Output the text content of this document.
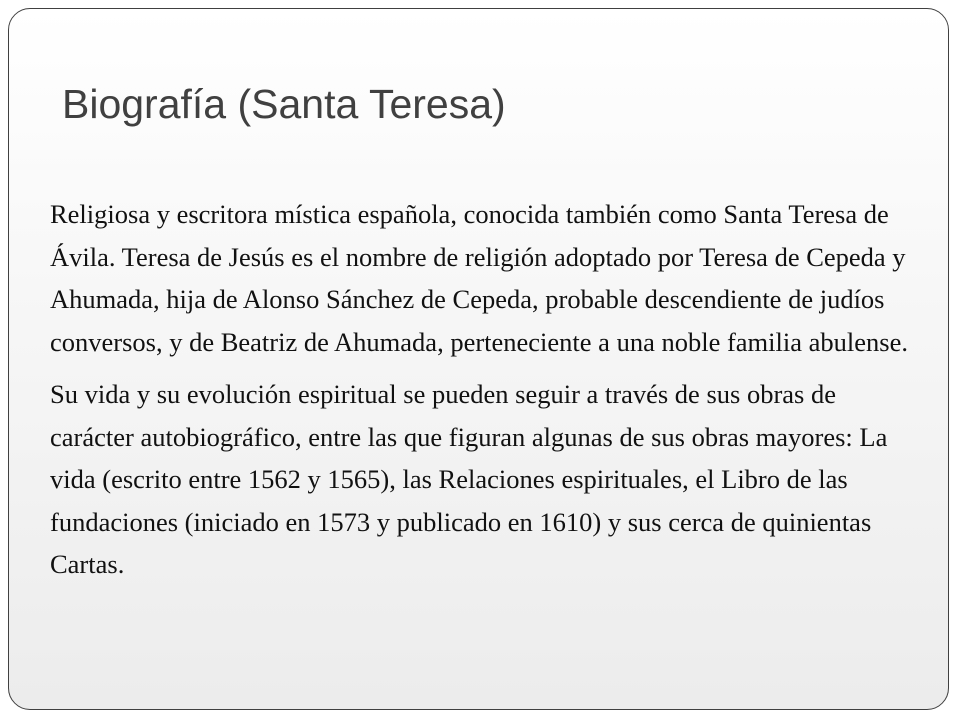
Biografía (Santa Teresa)

Religiosa y escritora mística española, conocida también como Santa Teresa de Ávila. Teresa de Jesús es el nombre de religión adoptado por Teresa de Cepeda y Ahumada, hija de Alonso Sánchez de Cepeda, probable descendiente de judíos conversos, y de Beatriz de Ahumada, perteneciente a una noble familia abulense.

Su vida y su evolución espiritual se pueden seguir a través de sus obras de carácter autobiográfico, entre las que figuran algunas de sus obras mayores: La vida (escrito entre 1562 y 1565), las Relaciones espirituales, el Libro de las fundaciones (iniciado en 1573 y publicado en 1610) y sus cerca de quinientas Cartas.
